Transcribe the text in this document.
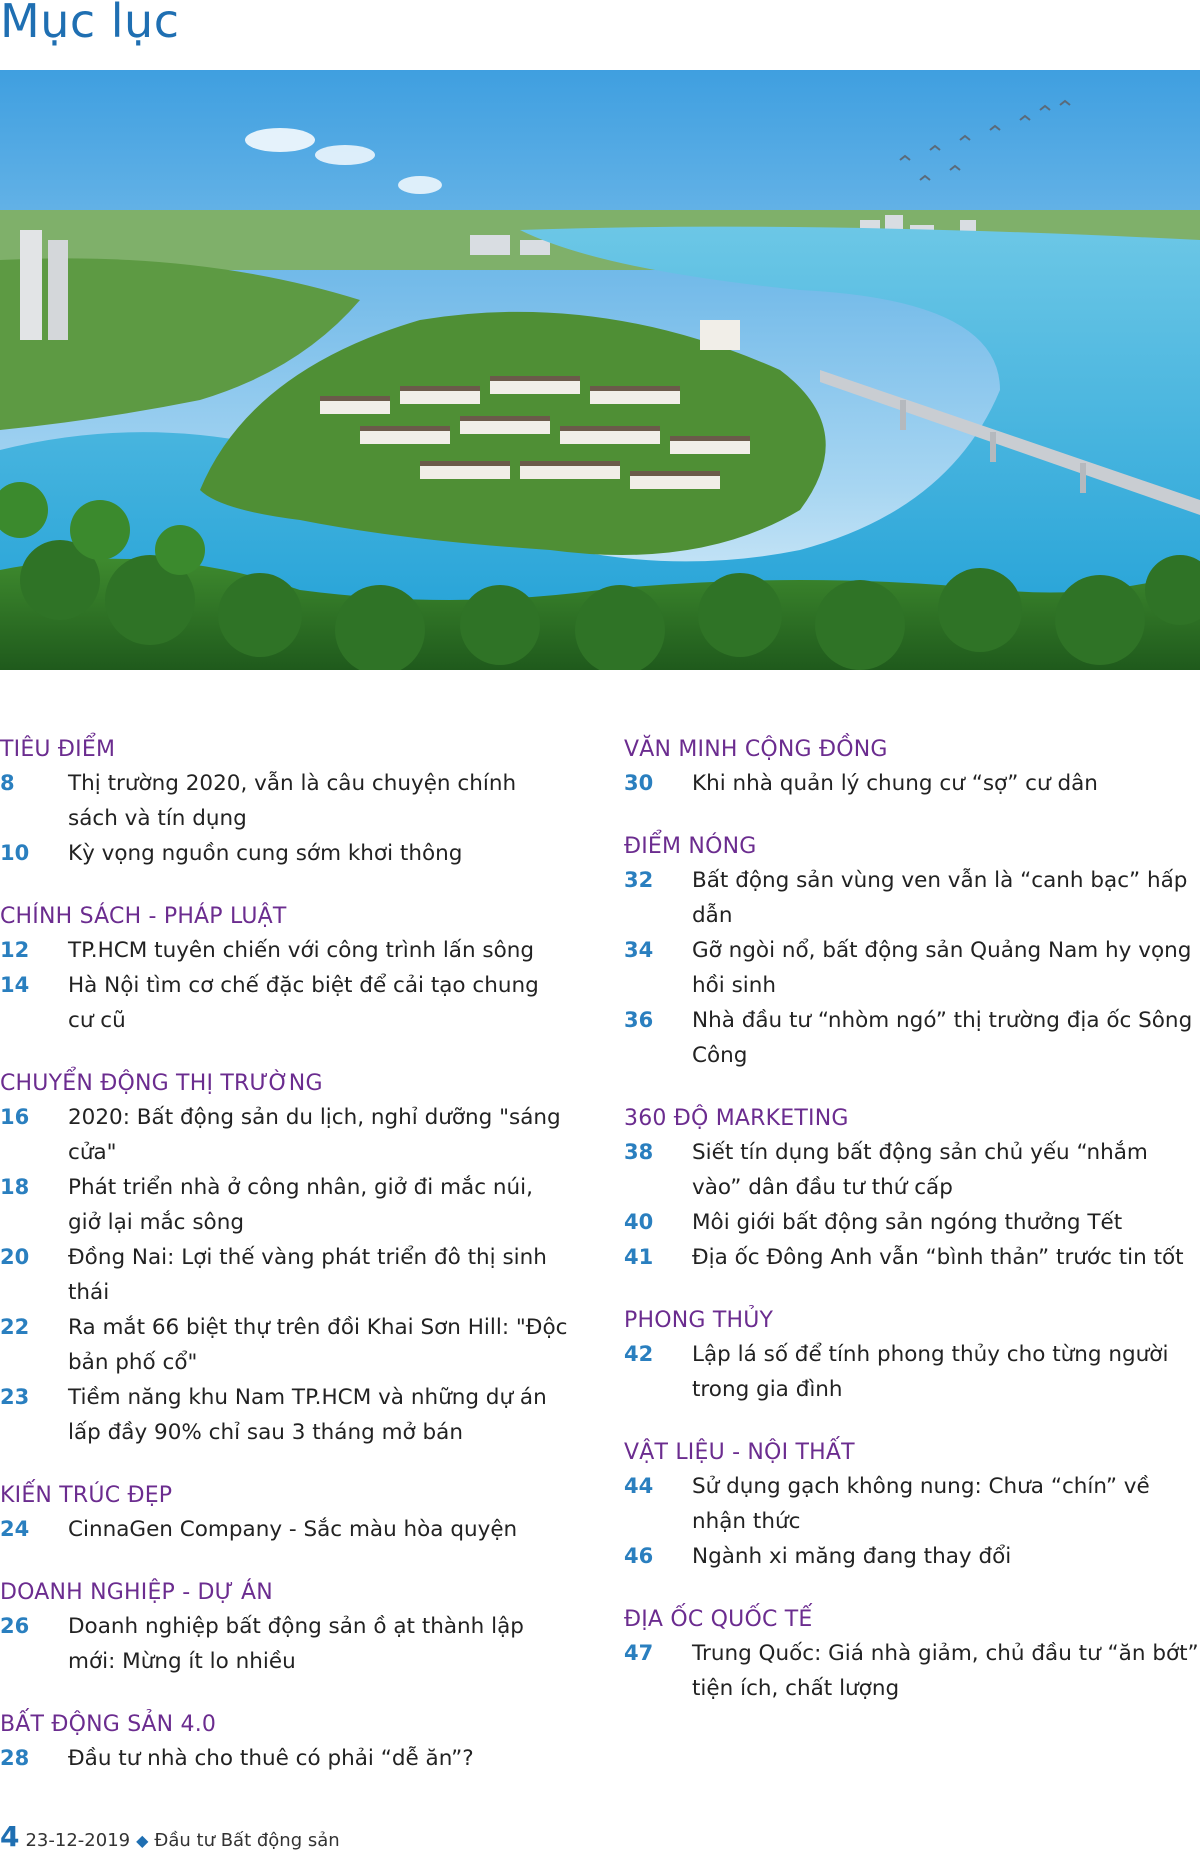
Mục lục
TIÊU ĐIỂM
8	Thị trường 2020, vẫn là câu chuyện chính sách và tín dụng
10	Kỳ vọng nguồn cung sớm khơi thông
CHÍNH SÁCH - PHÁP LUẬT
12	TP.HCM tuyên chiến với công trình lấn sông
14	Hà Nội tìm cơ chế đặc biệt để cải tạo chung cư cũ
CHUYỂN ĐỘNG THỊ TRƯỜNG
16	2020: Bất động sản du lịch, nghỉ dưỡng "sáng cửa"
18	Phát triển nhà ở công nhân, giở đi mắc núi, giở lại mắc sông
20	Đồng Nai: Lợi thế vàng phát triển đô thị sinh thái
22	Ra mắt 66 biệt thự trên đồi Khai Sơn Hill: "Độc bản phố cổ"
23	Tiềm năng khu Nam TP.HCM và những dự án lấp đầy 90% chỉ sau 3 tháng mở bán
KIẾN TRÚC ĐẸP
24	CinnaGen Company - Sắc màu hòa quyện
DOANH NGHIỆP - DỰ ÁN
26	Doanh nghiệp bất động sản ồ ạt thành lập mới: Mừng ít lo nhiều
BẤT ĐỘNG SẢN 4.0
28	Đầu tư nhà cho thuê có phải “dễ ăn”?
VĂN MINH CỘNG ĐỒNG
30	Khi nhà quản lý chung cư “sợ” cư dân
ĐIỂM NÓNG
32	Bất động sản vùng ven vẫn là “canh bạc” hấp dẫn
34	Gỡ ngòi nổ, bất động sản Quảng Nam hy vọng hồi sinh
36	Nhà đầu tư “nhòm ngó” thị trường địa ốc Sông Công
360 ĐỘ MARKETING
38	Siết tín dụng bất động sản chủ yếu “nhắm vào” dân đầu tư thứ cấp
40	Môi giới bất động sản ngóng thưởng Tết
41	Địa ốc Đông Anh vẫn “bình thản” trước tin tốt
PHONG THỦY
42	Lập lá số để tính phong thủy cho từng người trong gia đình
VẬT LIỆU - NỘI THẤT
44	Sử dụng gạch không nung: Chưa “chín” về nhận thức
46	Ngành xi măng đang thay đổi
ĐỊA ỐC QUỐC TẾ
47	Trung Quốc: Giá nhà giảm, chủ đầu tư “ăn bớt” tiện ích, chất lượng
4 23-12-2019 ◆ Đầu tư Bất động sản
